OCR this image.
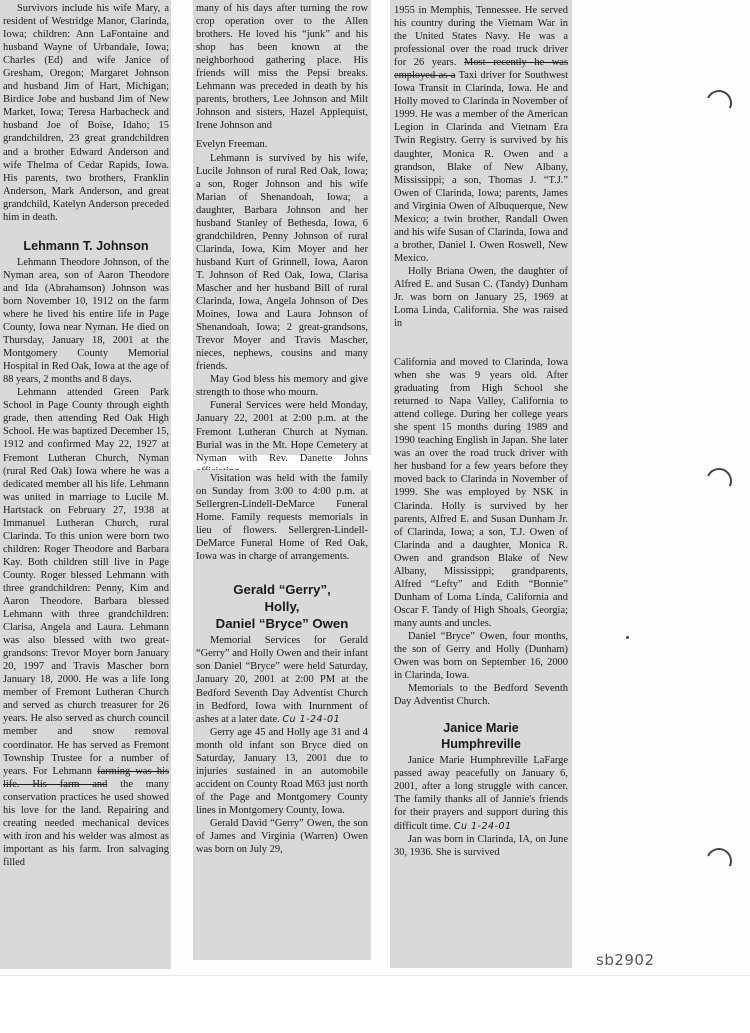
Survivors include his wife Mary, a resident of Westridge Manor, Clarinda, Iowa; children: Ann LaFontaine and husband Wayne of Urbandale, Iowa; Charles (Ed) and wife Janice of Gresham, Oregon; Margaret Johnson and husband Jim of Hart, Michigan; Birdice Jobe and husband Jim of New Market, Iowa; Teresa Harbacheck and husband Joe of Boise, Idaho; 15 grandchildren, 23 great grandchildren and a brother Edward Anderson and wife Thelma of Cedar Rapids, Iowa. His parents, two brothers, Franklin Anderson, Mark Anderson, and great grandchild, Katelyn Anderson preceded him in death.

Lehmann T. Johnson

Lehmann Theodore Johnson, of the Nyman area, son of Aaron Theodore and Ida (Abrahamson) Johnson was born November 10, 1912 on the farm where he lived his entire life in Page County, Iowa near Nyman. He died on Thursday, January 18, 2001 at the Montgomery County Memorial Hospital in Red Oak, Iowa at the age of 88 years, 2 months and 8 days.

Lehmann attended Green Park School in Page County through eighth grade, then attending Red Oak High School. He was baptized December 15, 1912 and confirmed May 22, 1927 at Fremont Lutheran Church, Nyman (rural Red Oak) Iowa where he was a dedicated member all his life. Lehmann was united in marriage to Lucile M. Hartstack on February 27, 1938 at Immanuel Lutheran Church, rural Clarinda. To this union were born two children: Roger Theodore and Barbara Kay. Both children still live in Page County. Roger blessed Lehmann with three grandchildren: Penny, Kim and Aaron Theodore. Barbara blessed Lehmann with three grandchildren: Clarisa, Angela and Laura. Lehmann was also blessed with two great-grandsons: Trevor Moyer born January 20, 1997 and Travis Mascher born January 18, 2000. He was a life long member of Fremont Lutheran Church and served as church treasurer for 26 years. He also served as church council member and snow removal coordinator. He has served as Fremont Township Trustee for a number of years. For Lehmann farming was his life. His farm and the many conservation practices he used showed his love for the land. Repairing and creating needed mechanical devices with iron and his welder was almost as important as his farm. Iron salvaging filled

many of his days after turning the row crop operation over to the Allen brothers. He loved his “junk” and his shop has been known at the neighborhood gathering place. His friends will miss the Pepsi breaks. Lehmann was preceded in death by his parents, brothers, Lee Johnson and Milt Johnson and sisters, Hazel Applequist, Irene Johnson and

Evelyn Freeman.

Lehmann is survived by his wife, Lucile Johnson of rural Red Oak, Iowa; a son, Roger Johnson and his wife Marian of Shenandoah, Iowa; a daughter, Barbara Johnson and her husband Stanley of Bethesda, Iowa, 6 grandchildren, Penny Johnson of rural Clarinda, Iowa, Kim Moyer and her husband Kurt of Grinnell, Iowa, Aaron T. Johnson of Red Oak, Iowa, Clarisa Mascher and her husband Bill of rural Clarinda, Iowa, Angela Johnson of Des Moines, Iowa and Laura Johnson of Shenandoah, Iowa; 2 great-grandsons, Trevor Moyer and Travis Mascher, nieces, nephews, cousins and many friends.

May God bless his memory and give strength to those who mourn.

Funeral Services were held Monday, January 22, 2001 at 2:00 p.m. at the Fremont Lutheran Church at Nyman. Burial was in the Mt. Hope Cemetery at Nyman with Rev. Danette Johns

Visitation was held with the family on Sunday from 3:00 to 4:00 p.m. at Sellergren-Lindell-DeMarce Funeral Home. Family requests memorials in lieu of flowers. Sellergren-Lindell-DeMarce Funeral Home of Red Oak, Iowa was in charge of arrangements.

Gerald “Gerry”,
Holly,
Daniel “Bryce” Owen

Memorial Services for Gerald “Gerry” and Holly Owen and their infant son Daniel “Bryce” were held Saturday, January 20, 2001 at 2:00 PM at the Bedford Seventh Day Adventist Church in Bedford, Iowa with Inurnment of ashes at a later date. Cu 1-24-01

Gerry age 45 and Holly age 31 and 4 month old infant son Bryce died on Saturday, January 13, 2001 due to injuries sustained in an automobile accident on County Road M63 just north of the Page and Montgomery County lines in Montgomery County, Iowa.

Gerald David “Gerry” Owen, the son of James and Virginia (Warren) Owen was born on July 29,

1955 in Memphis, Tennessee. He served his country during the Vietnam War in the United States Navy. He was a professional over the road truck driver for 26 years. Most recently he was employed as a Taxi driver for Southwest Iowa Transit in Clarinda, Iowa. He and Holly moved to Clarinda in November of 1999. He was a member of the American Legion in Clarinda and Vietnam Era Twin Registry. Gerry is survived by his daughter, Monica R. Owen and a grandson, Blake of New Albany, Mississippi; a son, Thomas J. “T.J.” Owen of Clarinda, Iowa; parents, James and Virginia Owen of Albuquerque, New Mexico; a twin brother, Randall Owen and his wife Susan of Clarinda, Iowa and a brother, Daniel I. Owen Roswell, New Mexico.

Holly Briana Owen, the daughter of Alfred E. and Susan C. (Tandy) Dunham Jr. was born on January 25, 1969 at Loma Linda, California. She was raised in

California and moved to Clarinda, Iowa when she was 9 years old. After graduating from High School she returned to Napa Valley, California to attend college. During her college years she spent 15 months during 1989 and 1990 teaching English in Japan. She later was an over the road truck driver with her husband for a few years before they moved back to Clarinda in November of 1999. She was employed by NSK in Clarinda. Holly is survived by her parents, Alfred E. and Susan Dunham Jr. of Clarinda, Iowa; a son, T.J. Owen of Clarinda and a daughter, Monica R. Owen and grandson Blake of New Albany, Mississippi; grandparents, Alfred “Lefty” and Edith “Bonnie” Dunham of Loma Linda, California and Oscar F. Tandy of High Shoals, Georgia; many aunts and uncles.

Daniel “Bryce” Owen, four months, the son of Gerry and Holly (Dunham) Owen was born on September 16, 2000 in Clarinda, Iowa.

Memorials to the Bedford Seventh Day Adventist Church.

Janice Marie
Humphreville

Janice Marie Humphreville LaFarge passed away peacefully on January 6, 2001, after a long struggle with cancer. The family thanks all of Jannie's friends for their prayers and support during this difficult time. Cu 1-24-01

Jan was born in Clarinda, IA, on June 30, 1936. She is survived

sb2902
